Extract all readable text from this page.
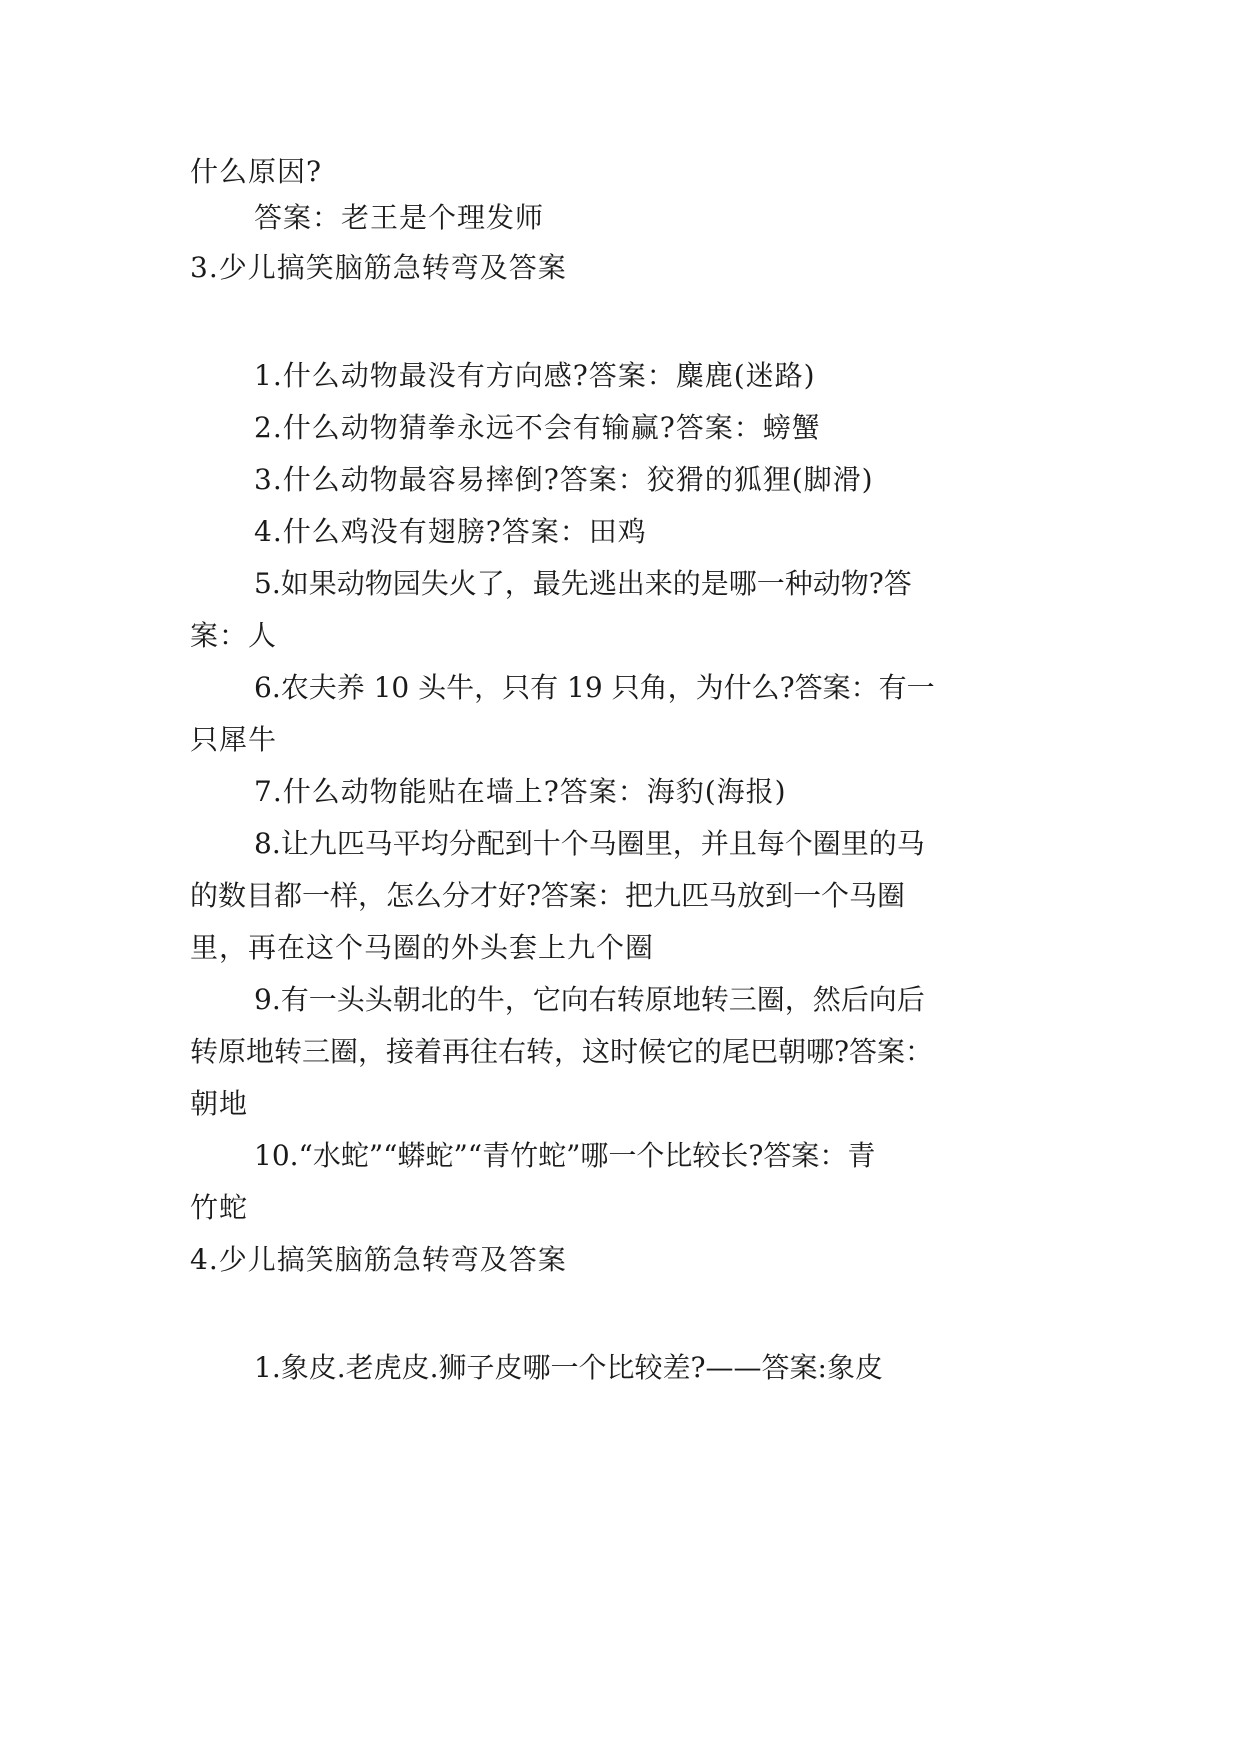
什么原因?
答案：老王是个理发师
3.少儿搞笑脑筋急转弯及答案
1.什么动物最没有方向感?答案：麋鹿(迷路)
2.什么动物猜拳永远不会有输赢?答案：螃蟹
3.什么动物最容易摔倒?答案：狡猾的狐狸(脚滑)
4.什么鸡没有翅膀?答案：田鸡
5.如果动物园失火了，最先逃出来的是哪一种动物?答
案：人
6.农夫养 10 头牛，只有 19 只角，为什么?答案：有一
只犀牛
7.什么动物能贴在墙上?答案：海豹(海报)
8.让九匹马平均分配到十个马圈里，并且每个圈里的马
的数目都一样，怎么分才好?答案：把九匹马放到一个马圈
里，再在这个马圈的外头套上九个圈
9.有一头头朝北的牛，它向右转原地转三圈，然后向后
转原地转三圈，接着再往右转，这时候它的尾巴朝哪?答案：
朝地
10.“水蛇”“蟒蛇”“青竹蛇”哪一个比较长?答案：青
竹蛇
4.少儿搞笑脑筋急转弯及答案
1.象皮.老虎皮.狮子皮哪一个比较差?——答案:象皮
